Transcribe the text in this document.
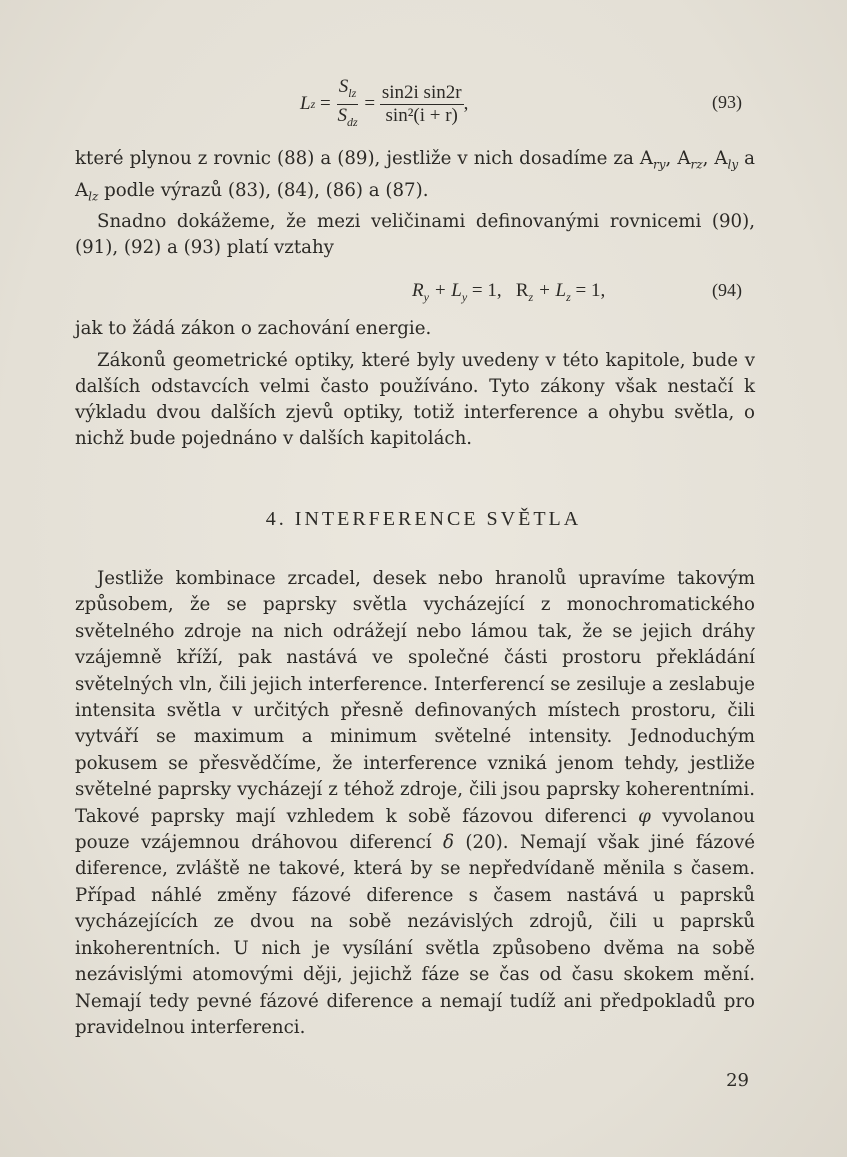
L $z = \frac{S_{lz}}{S_{dz}} = \frac{\text{sin2i sin2r}}{\text{sin²(i + r)}}$ ,	(93)

které plynou z rovnic (88) a (89), jestliže v nich dosadíme za $A_{ry}$, $A_{rz}$, $A_{ly}$ a $A_{lz}$ podle výrazů (83), (84), (86) a (87).

Snadno dokážeme, že mezi veličinami definovanými rovnicemi (90), (91), (92) a (93) platí vztahy

$R_y + L_y = 1$,   $R_z + L_z = 1$,	(94)

jak to žádá zákon o zachování energie.

Zákonů geometrické optiky, které byly uvedeny v této kapitole, bude v dalších odstavcích velmi často používáno. Tyto zákony však nestačí k výkladu dvou dalších zjevů optiky, totiž interference a ohybu světla, o nichž bude pojednáno v dalších kapitolách.

4. INTERFERENCE SVĚTLA

Jestliže kombinace zrcadel, desek nebo hranolů upravíme takovým způsobem, že se paprsky světla vycházející z monochromatického světelného zdroje na nich odrážejí nebo lámou tak, že se jejich dráhy vzájemně kříží, pak nastává ve společné části prostoru překládání světelných vln, čili jejich interference. Interferencí se zesiluje a zeslabuje intensita světla v určitých přesně definovaných místech prostoru, čili vytváří se maximum a minimum světelné intensity. Jednoduchým pokusem se přesvědčíme, že interference vzniká jenom tehdy, jestliže světelné paprsky vycházejí z téhož zdroje, čili jsou paprsky koherentními. Takové paprsky mají vzhledem k sobě fázovou diferenci φ vyvolanou pouze vzájemnou dráhovou diferencí δ (20). Nemají však jiné fázové diference, zvláště ne takové, která by se nepředvídaně měnila s časem. Případ náhlé změny fázové diference s časem nastává u paprsků vycházejících ze dvou na sobě nezávislých zdrojů, čili u paprsků inkoherentních. U nich je vysílání světla způsobeno dvěma na sobě nezávislými atomovými ději, jejichž fáze se čas od času skokem mění. Nemají tedy pevné fázové diference a nemají tudíž ani předpokladů pro pravidelnou interferenci.

29
